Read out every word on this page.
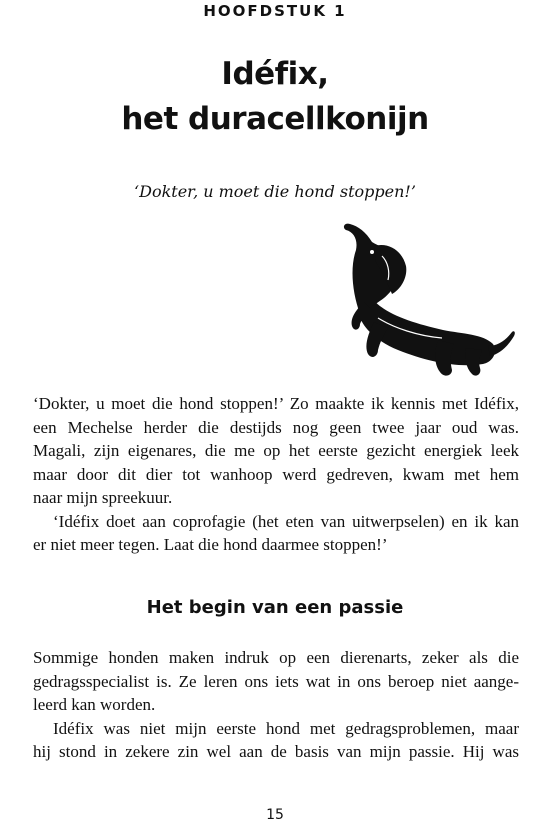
HOOFDSTUK 1
Idéfix,
het duracellkonijn
‘Dokter, u moet die hond stoppen!’
‘Dokter, u moet die hond stoppen!’ Zo maakte ik kennis met Idéfix,
een Mechelse herder die destijds nog geen twee jaar oud was.
Magali, zijn eigenares, die me op het eerste gezicht energiek leek
maar door dit dier tot wanhoop werd gedreven, kwam met hem
naar mijn spreekuur.
‘Idéfix doet aan coprofagie (het eten van uitwerpselen) en ik kan
er niet meer tegen. Laat die hond daarmee stoppen!’
Het begin van een passie
Sommige honden maken indruk op een dierenarts, zeker als die
gedragsspecialist is. Ze leren ons iets wat in ons beroep niet aange-
leerd kan worden.
Idéfix was niet mijn eerste hond met gedragsproblemen, maar
hij stond in zekere zin wel aan de basis van mijn passie. Hij was
15
